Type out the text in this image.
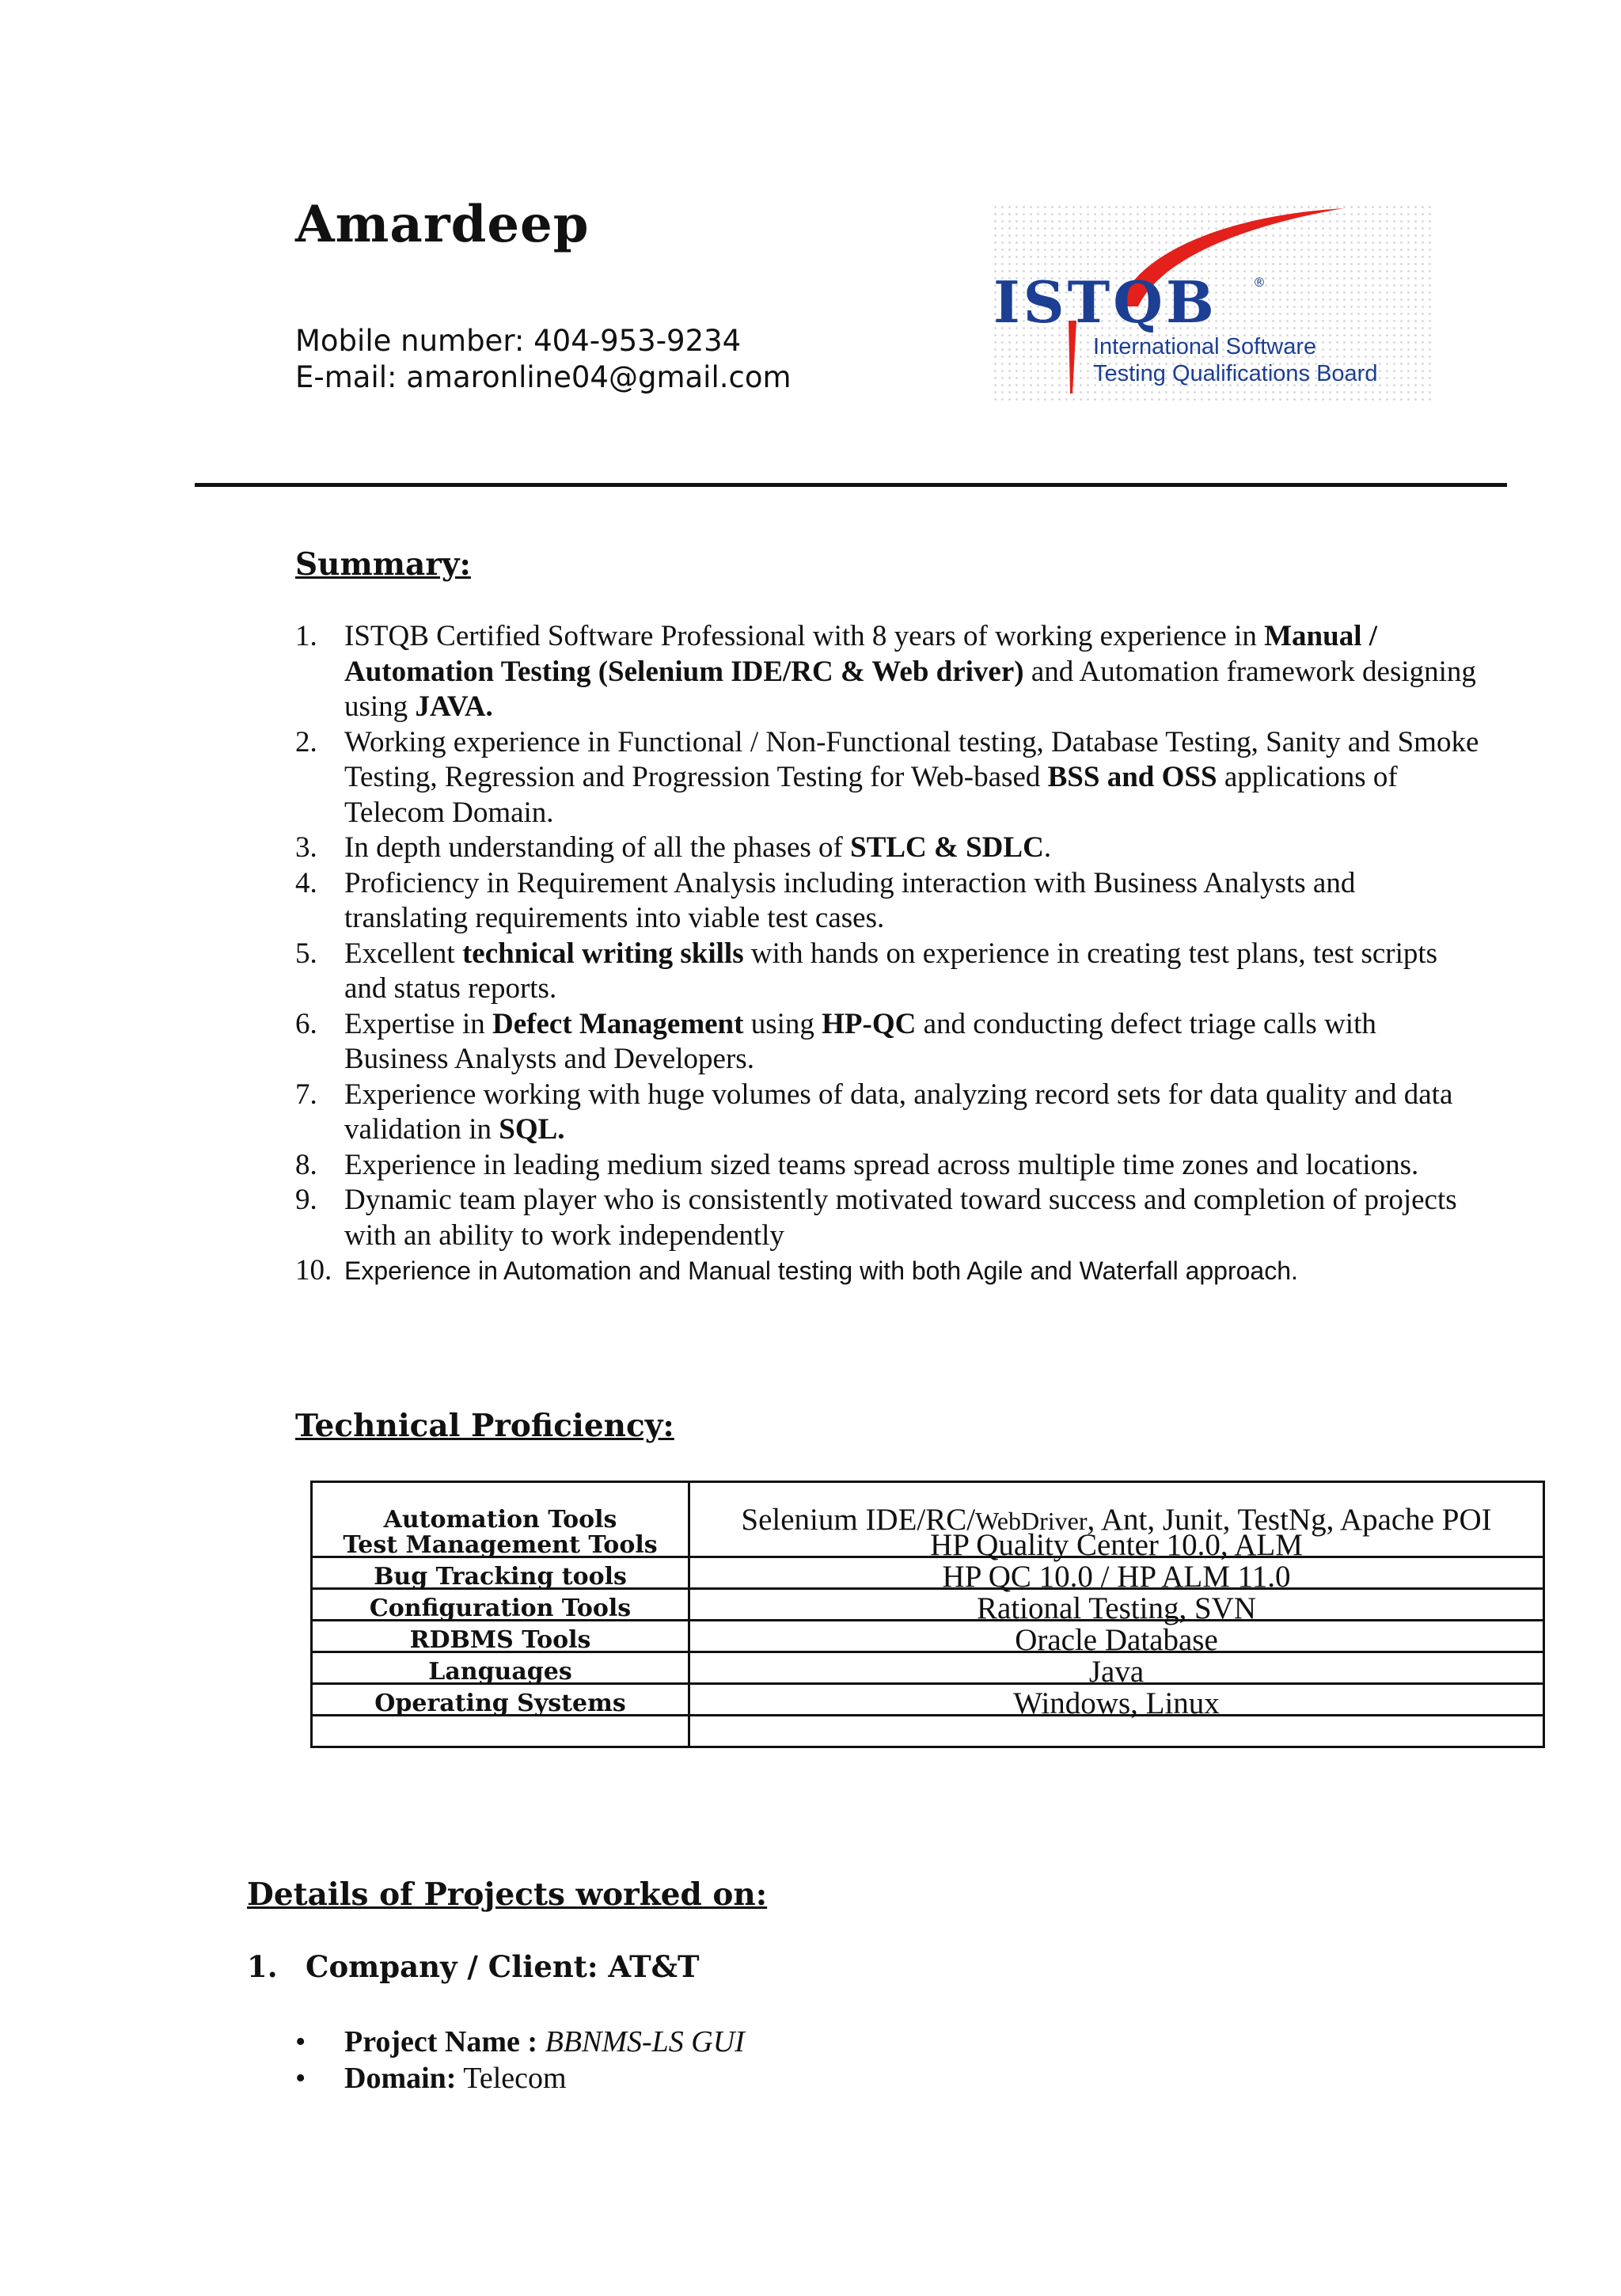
Amardeep
Mobile number: 404-953-9234
E-mail: amaronline04@gmail.com
ISTQB	®
International Software
Testing Qualifications Board
Summary:
1. ISTQB Certified Software Professional with 8 years of working experience in Manual / Automation Testing (Selenium IDE/RC & Web driver) and Automation framework designing using JAVA.
2. Working experience in Functional / Non-Functional testing, Database Testing, Sanity and Smoke Testing, Regression and Progression Testing for Web-based BSS and OSS applications of Telecom Domain.
3. In depth understanding of all the phases of STLC & SDLC.
4. Proficiency in Requirement Analysis including interaction with Business Analysts and translating requirements into viable test cases.
5. Excellent technical writing skills with hands on experience in creating test plans, test scripts and status reports.
6. Expertise in Defect Management using HP-QC and conducting defect triage calls with Business Analysts and Developers.
7. Experience working with huge volumes of data, analyzing record sets for data quality and data validation in SQL.
8. Experience in leading medium sized teams spread across multiple time zones and locations.
9. Dynamic team player who is consistently motivated toward success and completion of projects with an ability to work independently
10. Experience in Automation and Manual testing with both Agile and Waterfall approach.
Technical Proficiency:
Automation Tools	Selenium IDE/RC/WebDriver, Ant, Junit, TestNg, Apache POI

Test Management Tools	HP Quality Center 10.0, ALM

Bug Tracking tools	HP QC 10.0 / HP ALM 11.0

Configuration Tools	Rational Testing, SVN

RDBMS Tools	Oracle Database

Languages	Java

Operating Systems	Windows, Linux
Details of Projects worked on:
1. Company / Client: AT&T
• Project Name : BBNMS-LS GUI
• Domain: Telecom
